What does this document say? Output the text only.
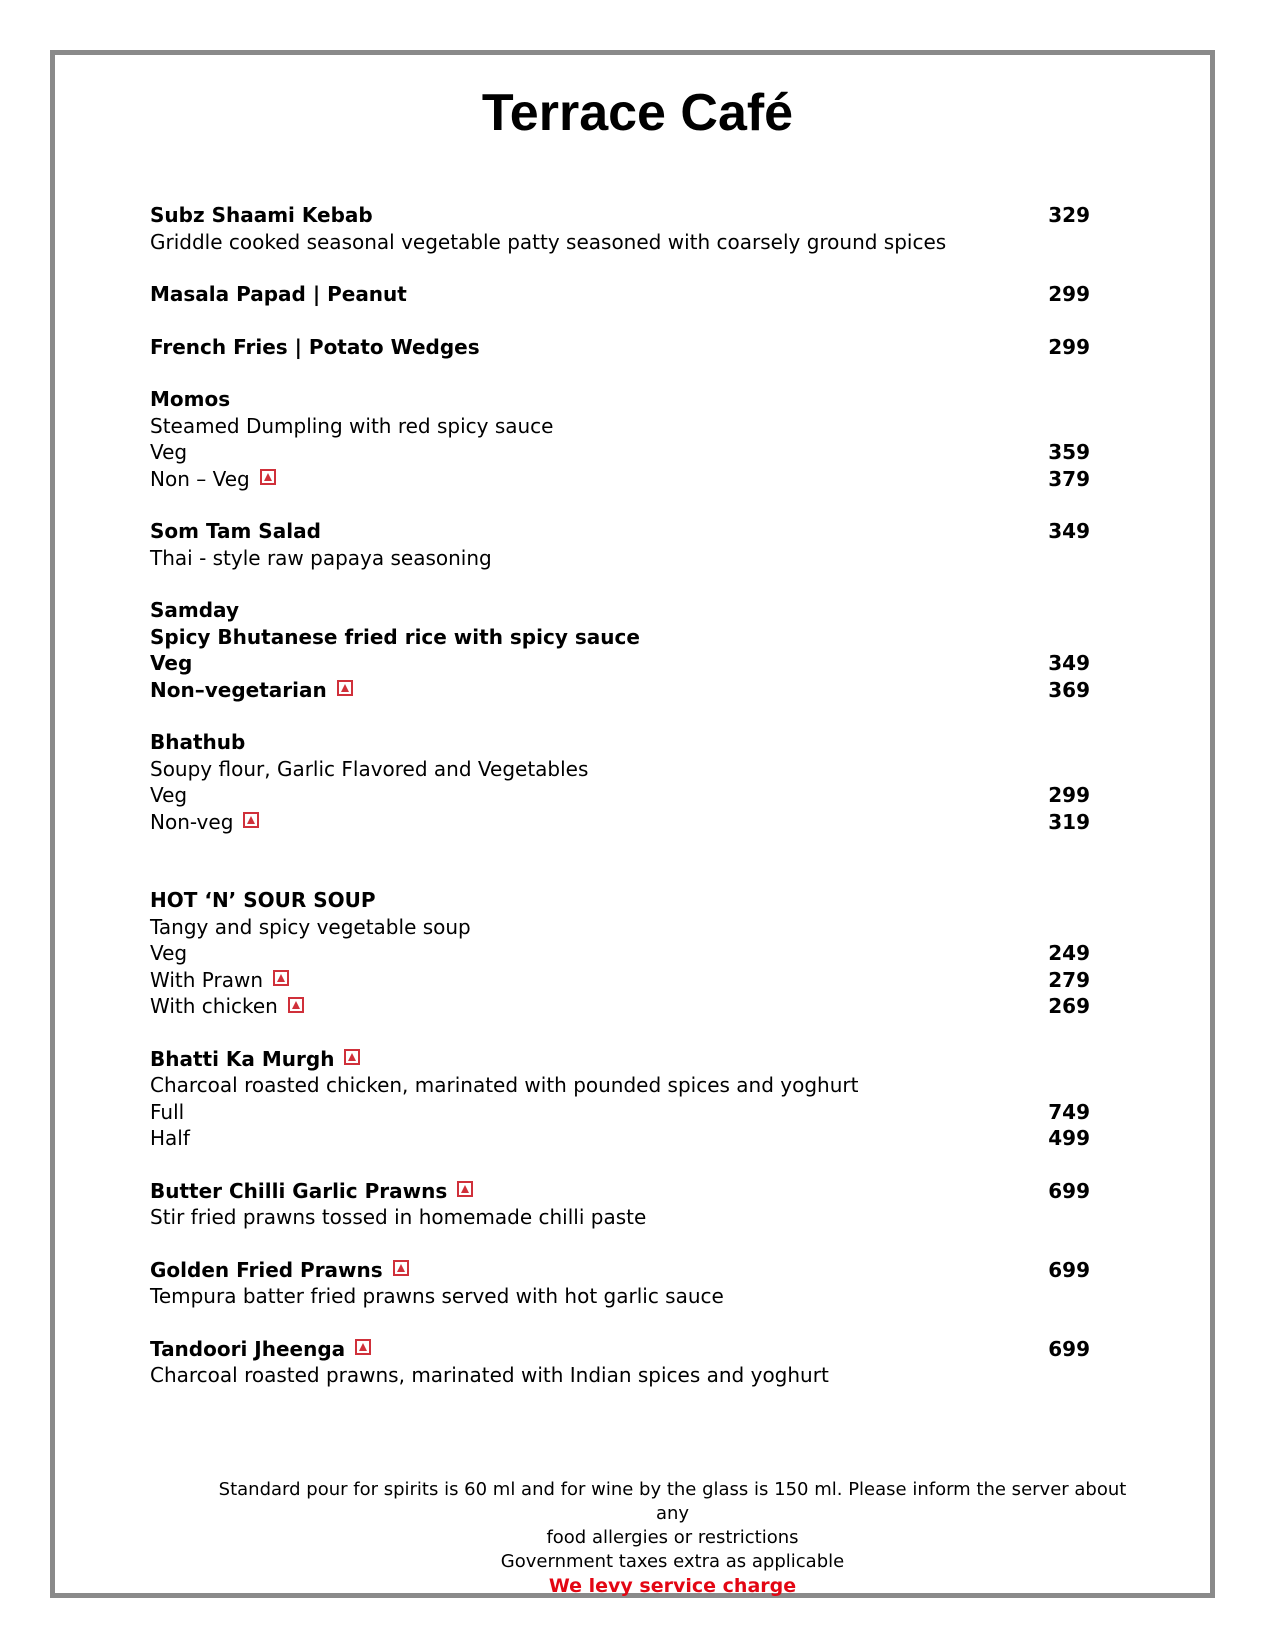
Terrace Café
Subz Shaami Kebab	329
Griddle cooked seasonal vegetable patty seasoned with coarsely ground spices
Masala Papad | Peanut	299
French Fries | Potato Wedges	299
Momos
Steamed Dumpling with red spicy sauce
Veg	359
Non – Veg	379
Som Tam Salad	349
Thai - style raw papaya seasoning
Samday
Spicy Bhutanese fried rice with spicy sauce
Veg	349
Non–vegetarian	369
Bhathub
Soupy flour, Garlic Flavored and Vegetables
Veg	299
Non-veg	319
HOT ‘N’ SOUR SOUP
Tangy and spicy vegetable soup
Veg	249
With Prawn	279
With chicken	269
Bhatti Ka Murgh
Charcoal roasted chicken, marinated with pounded spices and yoghurt
Full	749
Half	499
Butter Chilli Garlic Prawns	699
Stir fried prawns tossed in homemade chilli paste
Golden Fried Prawns	699
Tempura batter fried prawns served with hot garlic sauce
Tandoori Jheenga	699
Charcoal roasted prawns, marinated with Indian spices and yoghurt
Standard pour for spirits is 60 ml and for wine by the glass is 150 ml. Please inform the server about any
food allergies or restrictions
Government taxes extra as applicable
We levy service charge
